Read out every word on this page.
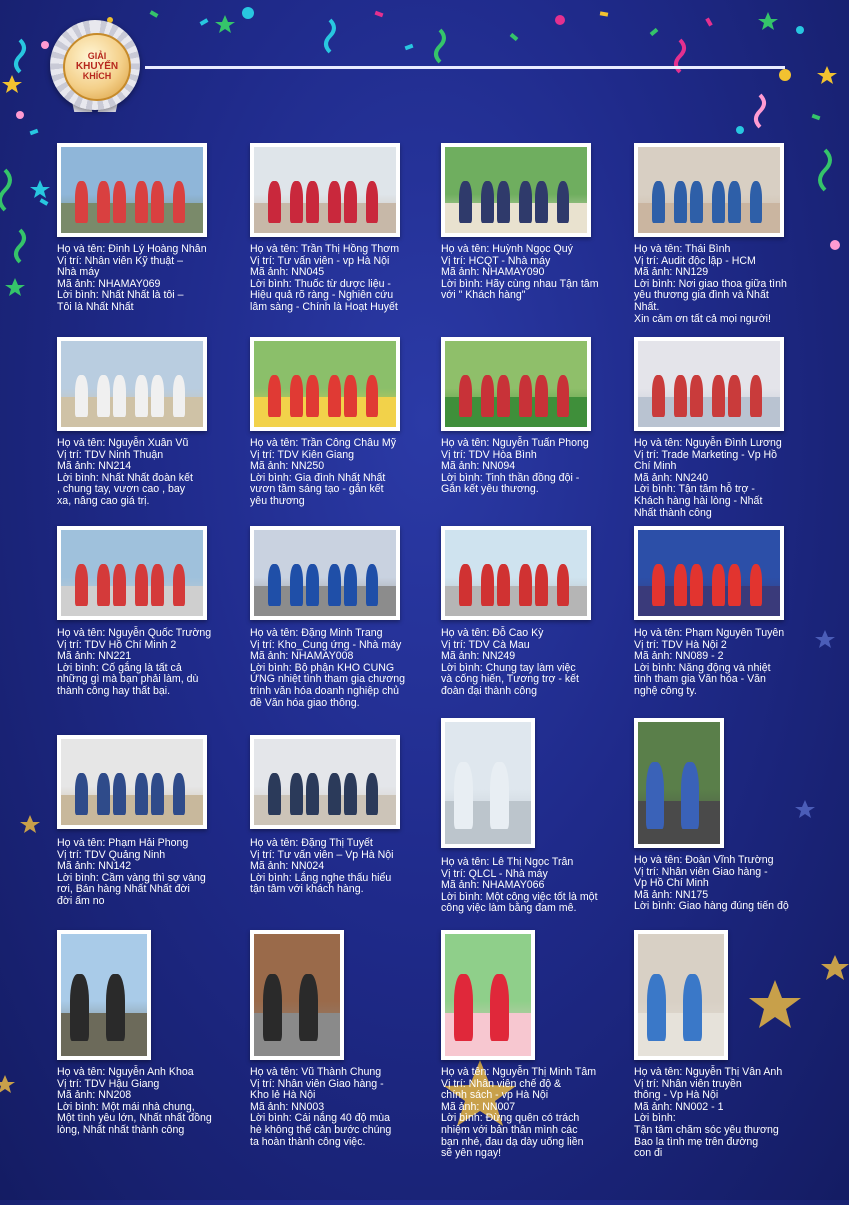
GIẢI
KHUYẾN
KHÍCH
Họ và tên: Đinh Lý Hoàng Nhân
Vị trí: Nhân viên Kỹ thuật –
Nhà máy
Mã ảnh: NHAMAY069
Lời bình: Nhất Nhất là tôi –
Tôi là Nhất Nhất
Họ và tên: Trần Thị Hồng Thơm
Vị trí: Tư vấn viên - vp Hà Nội
Mã ảnh: NN045
Lời bình: Thuốc từ dược liệu -
Hiệu quả rõ ràng - Nghiên cứu
lâm sàng - Chính là Hoạt Huyết
Họ và tên: Huỳnh Ngọc Quý
Vị trí: HCQT - Nhà máy
Mã ảnh: NHAMAY090
Lời bình: Hãy cùng nhau Tận tâm
với " Khách hàng"
Họ và tên: Thái Bình
Vị trí: Audit độc lập - HCM
Mã ảnh: NN129
Lời bình: Nơi giao thoa giữa tình
yêu thương gia đình và Nhất Nhất.
Xin cảm ơn tất cả mọi người!
Họ và tên: Nguyễn Xuân Vũ
Vị trí: TDV Ninh Thuận
Mã ảnh: NN214
Lời bình: Nhất Nhất đoàn kết
, chung tay, vươn cao , bay
xa, nâng cao giá trị.
Họ và tên: Trần Công Châu Mỹ
Vị trí: TDV Kiên Giang
Mã ảnh: NN250
Lời bình: Gia đình Nhất Nhất
vươn tầm sáng tạo - gắn kết
yêu thương
Họ và tên: Nguyễn Tuấn Phong
Vị trí: TDV Hòa Bình
Mã ảnh: NN094
Lời bình: Tinh thần đồng đội -
Gắn kết yêu thương.
Họ và tên: Nguyễn Đình Lương
Vị trí: Trade Marketing - Vp Hồ
Chí Minh
Mã ảnh: NN240
Lời bình: Tận tâm hỗ trợ -
Khách hàng hài lòng - Nhất
Nhất thành công
Họ và tên: Nguyễn Quốc Trường
Vị trí: TDV Hồ Chí Minh 2
Mã ảnh: NN221
Lời bình: Cố gắng là tất cả
những gì mà bạn phải làm, dù
thành công hay thất bại.
Họ và tên: Đặng Minh Trang
Vị trí: Kho_Cung ứng - Nhà máy
Mã ảnh: NHAMAY008
Lời bình: Bộ phận KHO CUNG
ỨNG nhiệt tình tham gia chương
trình văn hóa doanh nghiệp chủ
đề Văn hóa giao thông.
Họ và tên: Đỗ Cao Kỳ
Vị trí: TDV Cà Mau
Mã ảnh: NN249
Lời bình: Chung tay làm việc
và cống hiến, Tương trợ - kết
đoàn đại thành công
Họ và tên: Phạm Nguyên Tuyên
Vị trí: TDV Hà Nội 2
Mã ảnh: NN089 - 2
Lời bình: Năng động và nhiệt
tình tham gia Văn hóa - Văn
nghệ công ty.
Họ và tên: Phạm Hải Phong
Vị trí: TDV Quảng Ninh
Mã ảnh: NN142
Lời bình: Cầm vàng thì sợ vàng
rơi, Bán hàng Nhất Nhất đời
đời ấm no
Họ và tên: Đặng Thị Tuyết
Vị trí: Tư vấn viên – Vp Hà Nội
Mã ảnh: NN024
Lời bình: Lắng nghe thấu hiểu
tận tâm với khách hàng.
Họ và tên: Lê Thị Ngọc Trân
Vị trí: QLCL - Nhà máy
Mã ảnh: NHAMAY066
Lời bình: Một công việc tốt là một
công việc làm bằng đam mê.
Họ và tên: Đoàn Vĩnh Trường
Vị trí: Nhân viên Giao hàng -
Vp Hồ Chí Minh
Mã ảnh: NN175
Lời bình: Giao hàng đúng tiến độ
Họ và tên: Nguyễn Anh Khoa
Vị trí: TDV Hậu Giang
Mã ảnh: NN208
Lời bình: Một mái nhà chung,
Một tình yêu lớn, Nhất nhất đồng
lòng, Nhất nhất thành công
Họ và tên: Vũ Thành Chung
Vị trí: Nhân viên Giao hàng -
Kho lẻ Hà Nội
Mã ảnh: NN003
Lời bình: Cái nắng 40 độ mùa
hè không thể cản bước chúng
ta hoàn thành công việc.
Họ và tên: Nguyễn Thị Minh Tâm
Vị trí: Nhân viên chế độ &
chính sách - vp Hà Nội
Mã ảnh: NN007
Lời bình: Đừng quên có trách
nhiệm với bản thân mình các
bạn nhé, đau dạ dày uống liền
sẽ yên ngay!
Họ và tên: Nguyễn Thị Vân Anh
Vị trí: Nhân viên truyền
thông - Vp Hà Nội
Mã ảnh: NN002 - 1
Lời bình:
Tận tâm chăm sóc yêu thương
Bao la tình mẹ trên đường
con đi
